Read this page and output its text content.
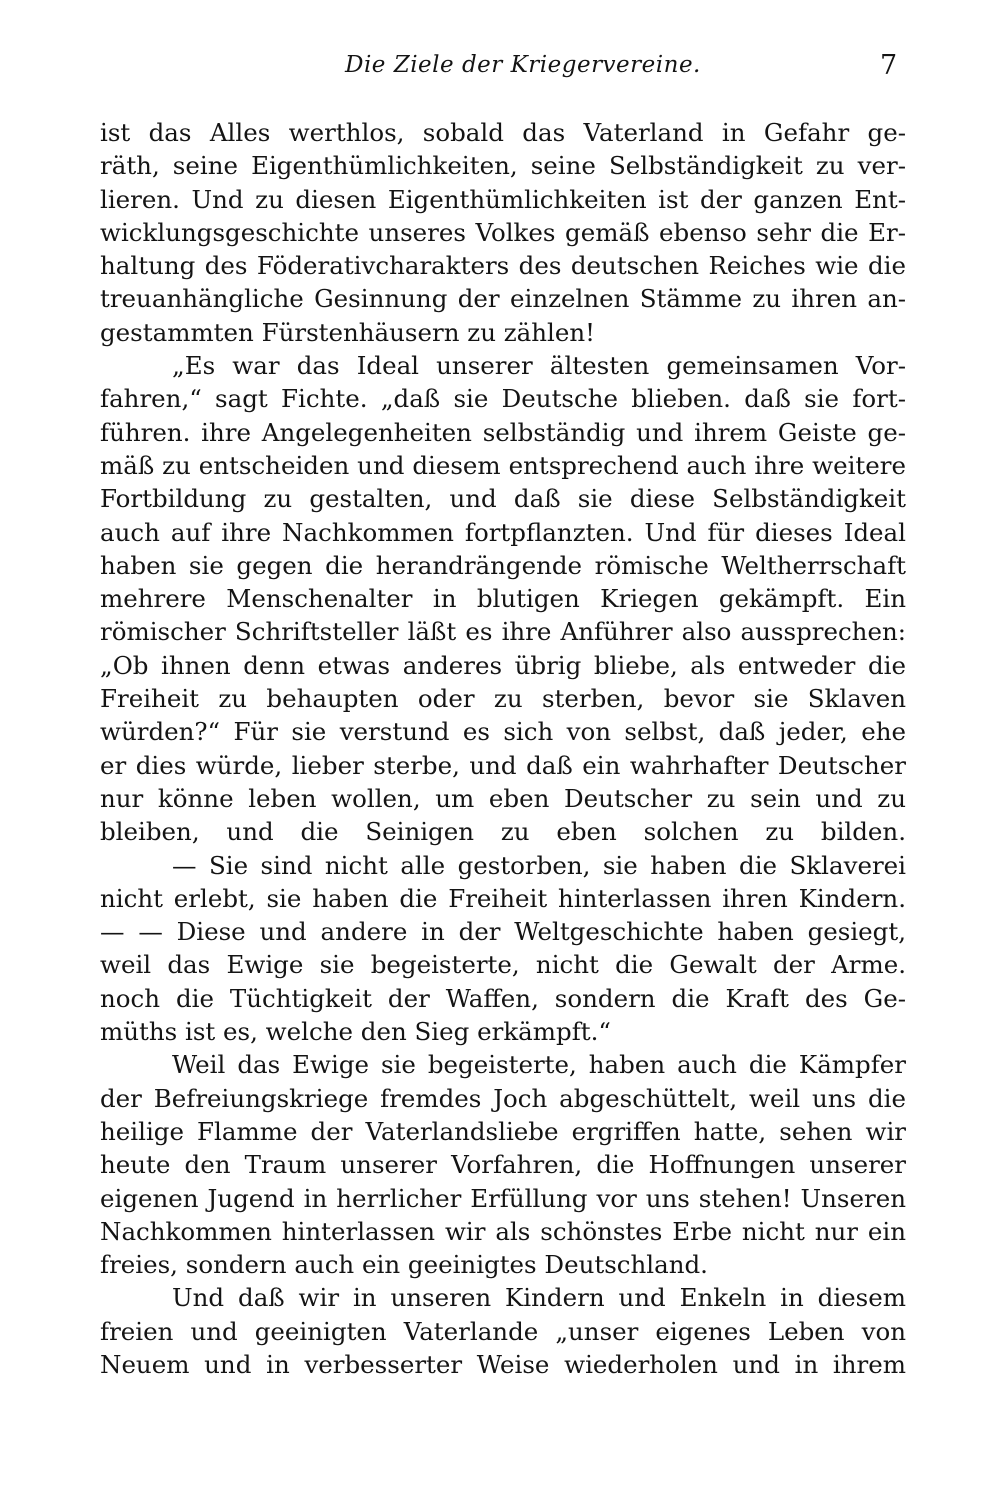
Die Ziele der Kriegervereine.	7
ist das Alles werthlos, sobald das Vaterland in Gefahr ge-
räth, seine Eigenthümlichkeiten, seine Selbständigkeit zu ver-
lieren. Und zu diesen Eigenthümlichkeiten ist der ganzen Ent-
wicklungsgeschichte unseres Volkes gemäß ebenso sehr die Er-
haltung des Föderativcharakters des deutschen Reiches wie die
treuanhängliche Gesinnung der einzelnen Stämme zu ihren an-
gestammten Fürstenhäusern zu zählen!
„Es war das Ideal unserer ältesten gemeinsamen Vor-
fahren,“ sagt Fichte. „daß sie Deutsche blieben. daß sie fort-
führen. ihre Angelegenheiten selbständig und ihrem Geiste ge-
mäß zu entscheiden und diesem entsprechend auch ihre weitere
Fortbildung zu gestalten, und daß sie diese Selbständigkeit
auch auf ihre Nachkommen fortpflanzten. Und für dieses Ideal
haben sie gegen die herandrängende römische Weltherrschaft
mehrere Menschenalter in blutigen Kriegen gekämpft. Ein
römischer Schriftsteller läßt es ihre Anführer also aussprechen:
„Ob ihnen denn etwas anderes übrig bliebe, als entweder die
Freiheit zu behaupten oder zu sterben, bevor sie Sklaven
würden?“ Für sie verstund es sich von selbst, daß jeder, ehe
er dies würde, lieber sterbe, und daß ein wahrhafter Deutscher
nur könne leben wollen, um eben Deutscher zu sein und zu
bleiben, und die Seinigen zu eben solchen zu bilden.
— Sie sind nicht alle gestorben, sie haben die Sklaverei
nicht erlebt, sie haben die Freiheit hinterlassen ihren Kindern.
— — Diese und andere in der Weltgeschichte haben gesiegt,
weil das Ewige sie begeisterte, nicht die Gewalt der Arme.
noch die Tüchtigkeit der Waffen, sondern die Kraft des Ge-
müths ist es, welche den Sieg erkämpft.“
Weil das Ewige sie begeisterte, haben auch die Kämpfer
der Befreiungskriege fremdes Joch abgeschüttelt, weil uns die
heilige Flamme der Vaterlandsliebe ergriffen hatte, sehen wir
heute den Traum unserer Vorfahren, die Hoffnungen unserer
eigenen Jugend in herrlicher Erfüllung vor uns stehen! Unseren
Nachkommen hinterlassen wir als schönstes Erbe nicht nur ein
freies, sondern auch ein geeinigtes Deutschland.
Und daß wir in unseren Kindern und Enkeln in diesem
freien und geeinigten Vaterlande „unser eigenes Leben von
Neuem und in verbesserter Weise wiederholen und in ihrem
